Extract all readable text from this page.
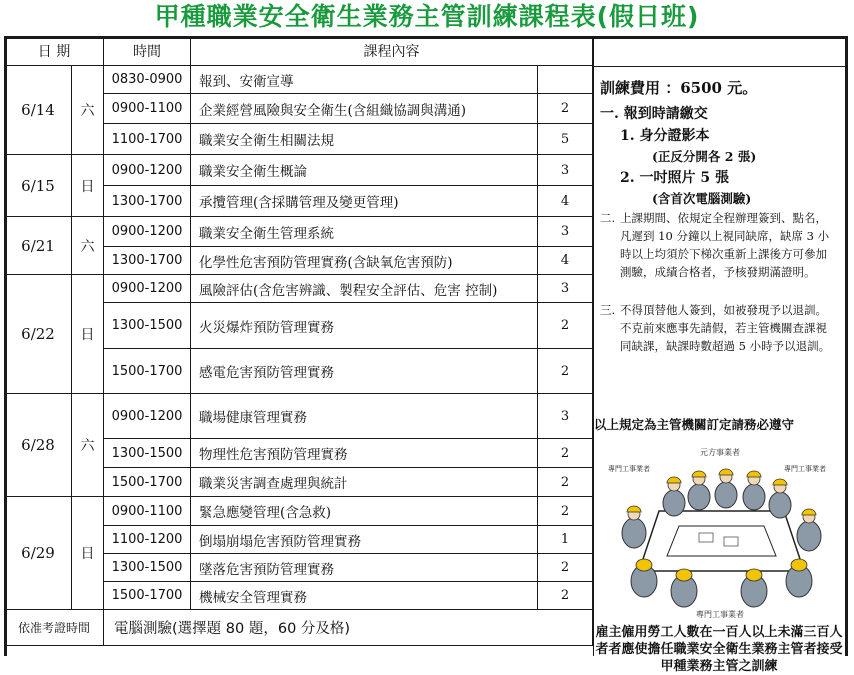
甲種職業安全衛生業務主管訓練課程表(假日班)
日 期		時間	課程內容	
6/14	六	0830-0900	報到、安衛宣導	
		0900-1100	企業經營風險與安全衛生(含組織協調與溝通)	2
		1100-1700	職業安全衛生相關法規	5
6/15	日	0900-1200	職業安全衛生概論	3
		1300-1700	承攬管理(含採購管理及變更管理)	4
6/21	六	0900-1200	職業安全衛生管理系統	3
		1300-1700	化學性危害預防管理實務(含缺氧危害預防)	4
6/22	日	0900-1200	風險評估(含危害辨識、製程安全評估、危害 控制)	3
		1300-1500	火災爆炸預防管理實務	2
		1500-1700	感電危害預防管理實務	2
6/28	六	0900-1200	職場健康管理實務	3
		1300-1500	物理性危害預防管理實務	2
		1500-1700	職業災害調查處理與統計	2
6/29	日	0900-1100	緊急應變管理(含急救)	2
		1100-1200	倒塌崩塌危害預防管理實務	1
		1300-1500	墜落危害預防管理實務	2
		1500-1700	機械安全管理實務	2
依准考證時間		電腦測驗(選擇題 80 題，60 分及格)		
訓練費用 ：6500 元。
一. 報到時請繳交
1. 身分證影本
(正反分開各 2 張)
2. 一吋照片 5 張
(含首次電腦測驗)
二. 上課期間、依規定全程辦理簽到、點名，凡遲到 10 分鐘以上視同缺席，缺席 3 小時以上均須於下梯次重新上課後方可參加測驗，成績合格者，予核發期滿證明。
三. 不得頂替他人簽到，如被發現予以退訓。不克前來應事先請假，若主管機關查課視同缺課，缺課時數超過 5 小時予以退訓。
以上規定為主管機關訂定請務必遵守
元方事業者
專門工事業者	專門工事業者
專門工事業者
雇主僱用勞工人數在一百人以上未滿三百人者者應使擔任職業安全衛生業務主管者接受甲種業務主管之訓練
